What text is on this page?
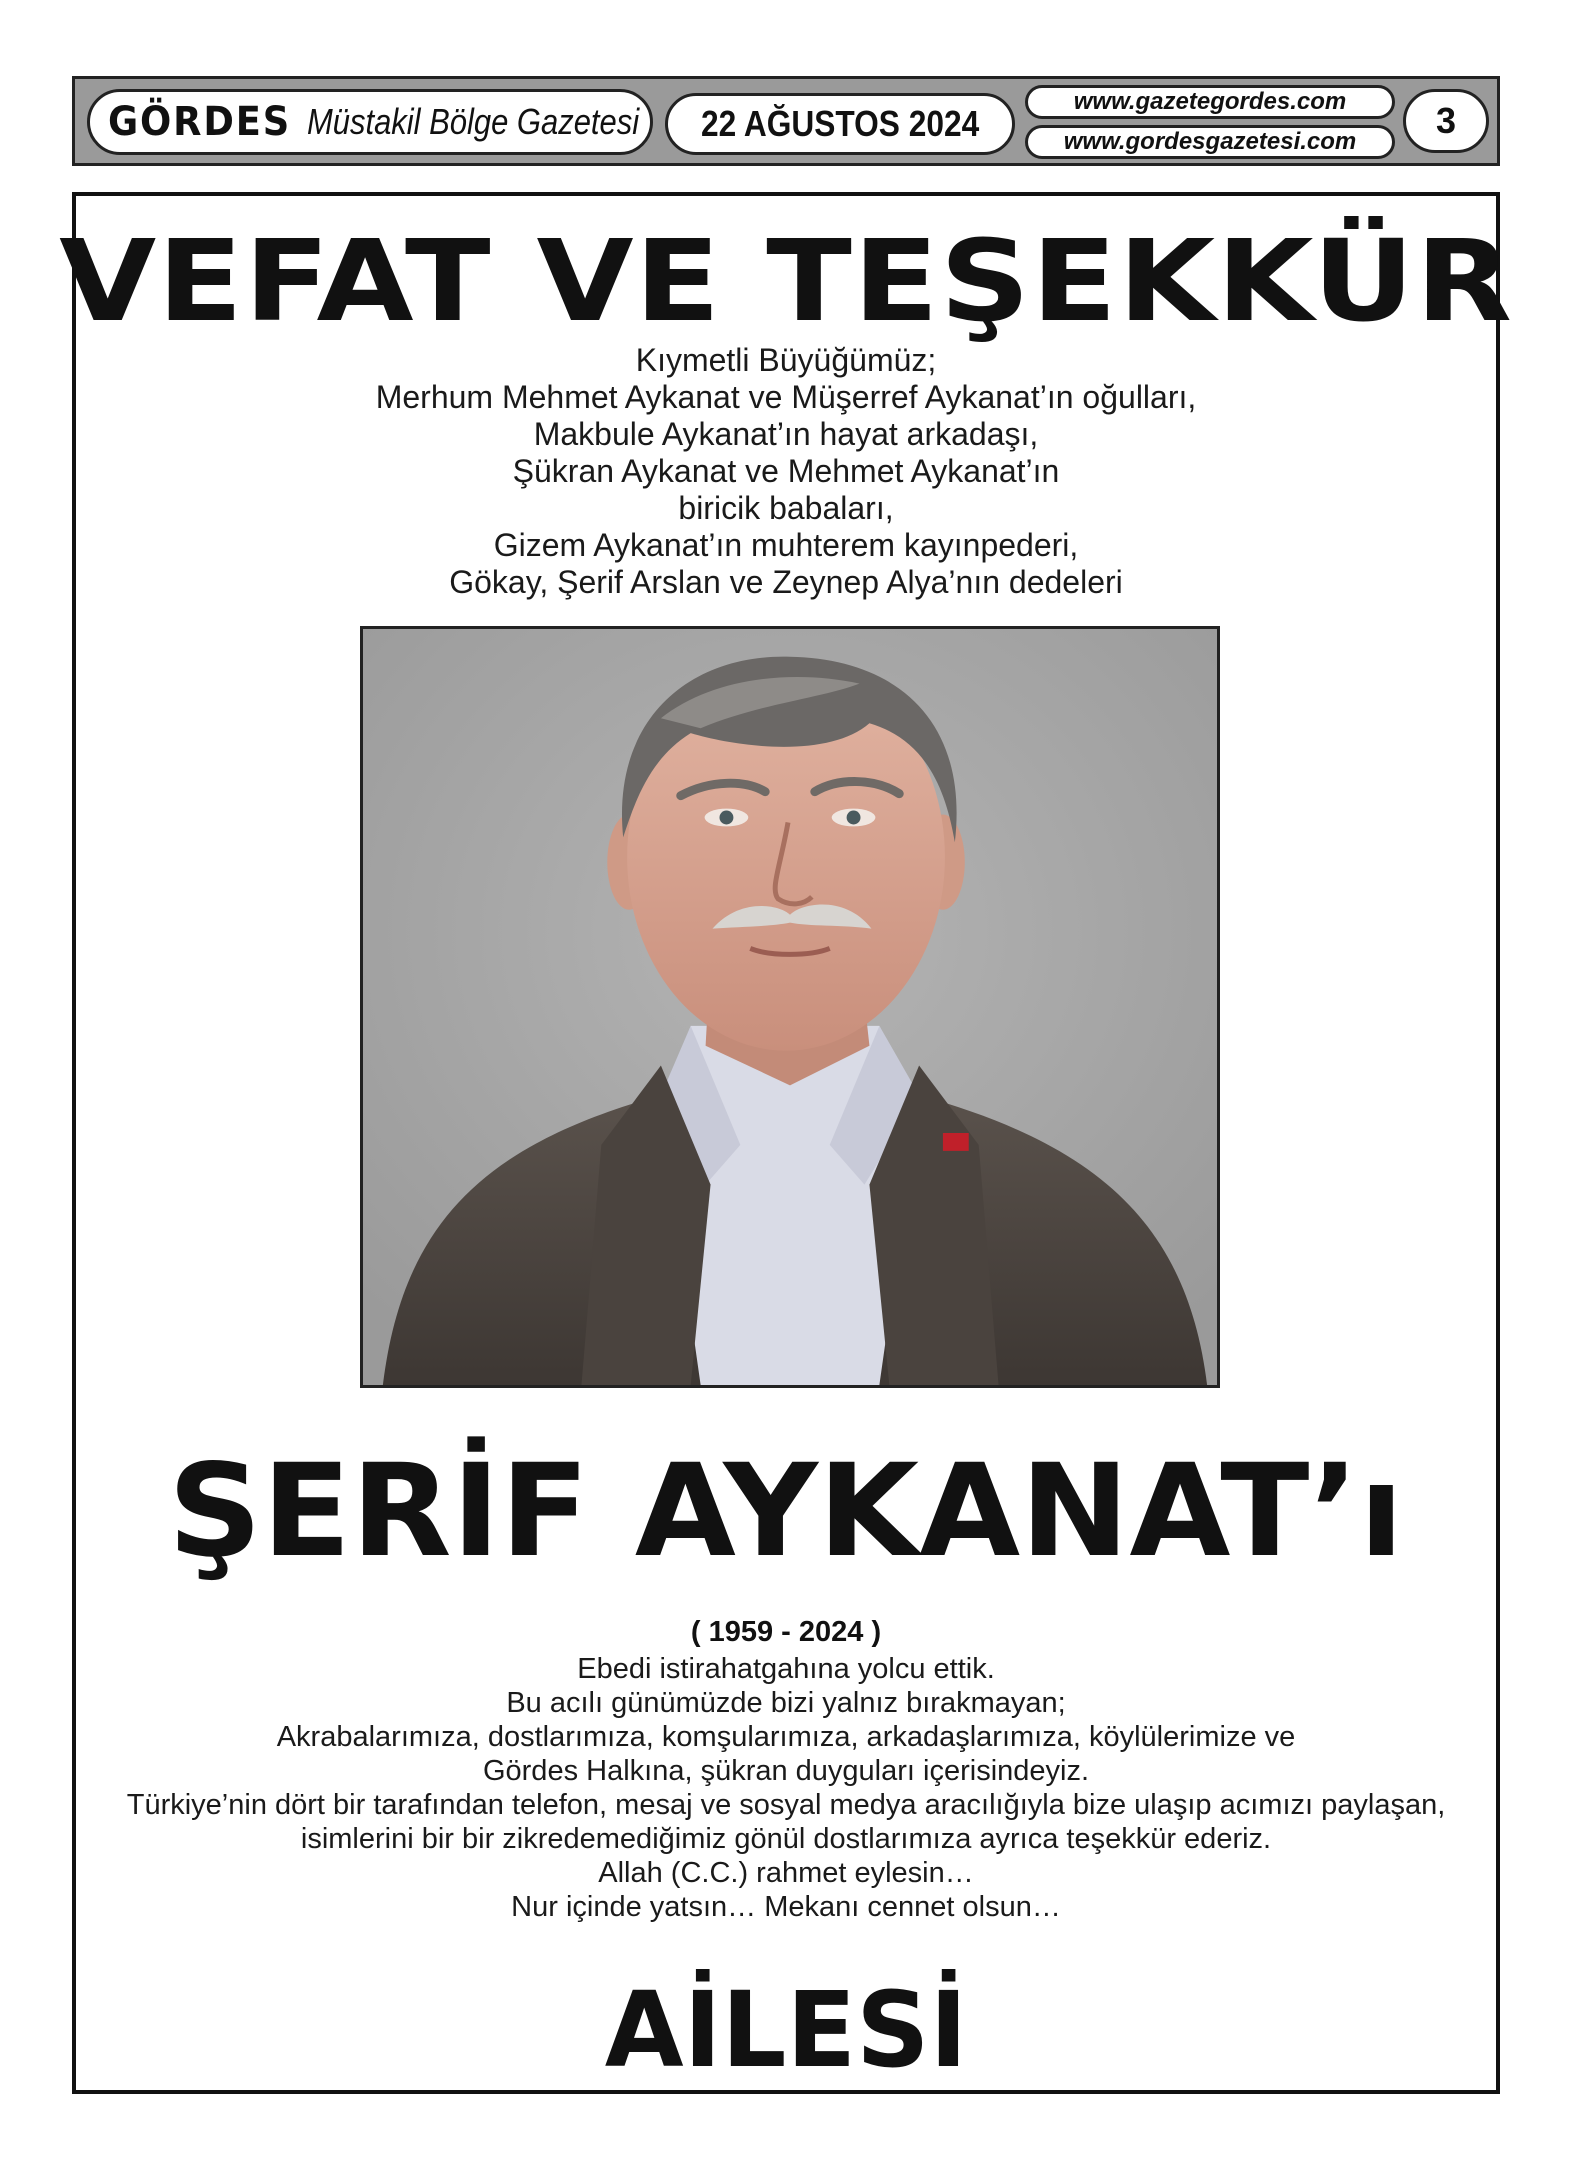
GÖRDES Müstakil Bölge Gazetesi 22 AĞUSTOS 2024
www.gazetegordes.com
www.gordesgazetesi.com
3
VEFAT VE TEŞEKKÜR
Kıymetli Büyüğümüz;
Merhum Mehmet Aykanat ve Müşerref Aykanat’ın oğulları,
Makbule Aykanat’ın hayat arkadaşı,
Şükran Aykanat ve Mehmet Aykanat’ın
biricik babaları,
Gizem Aykanat’ın muhterem kayınpederi,
Gökay, Şerif Arslan ve Zeynep Alya’nın dedeleri
ŞERİF AYKANAT’ı
( 1959 - 2024 )
Ebedi istirahatgahına yolcu ettik.
Bu acılı günümüzde bizi yalnız bırakmayan;
Akrabalarımıza, dostlarımıza, komşularımıza, arkadaşlarımıza, köylülerimize ve
Gördes Halkına, şükran duyguları içerisindeyiz.
Türkiye’nin dört bir tarafından telefon, mesaj ve sosyal medya aracılığıyla bize ulaşıp acımızı paylaşan,
isimlerini bir bir zikredemediğimiz gönül dostlarımıza ayrıca teşekkür ederiz.
Allah (C.C.) rahmet eylesin…
Nur içinde yatsın… Mekanı cennet olsun…
AİLESİ
